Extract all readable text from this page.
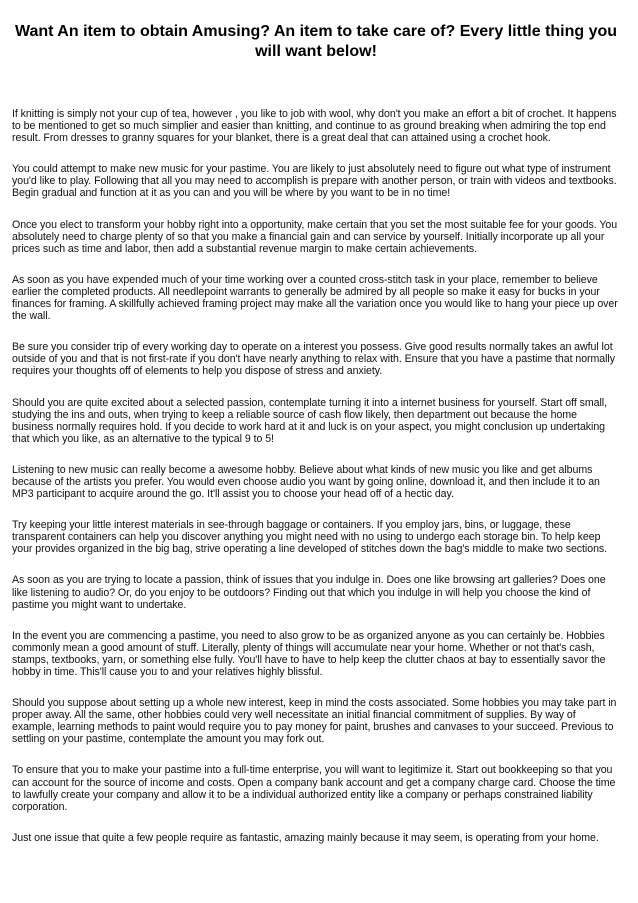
Want An item to obtain Amusing? An item to take care of? Every little thing you will want below!

If knitting is simply not your cup of tea, however , you like to job with wool, why don't you make an effort a bit of crochet. It happens to be mentioned to get so much simplier and easier than knitting, and continue to as ground breaking when admiring the top end result. From dresses to granny squares for your blanket, there is a great deal that can attained using a crochet hook.

You could attempt to make new music for your pastime. You are likely to just absolutely need to figure out what type of instrument you'd like to play. Following that all you may need to accomplish is prepare with another person, or train with videos and textbooks. Begin gradual and function at it as you can and you will be where by you want to be in no time!

Once you elect to transform your hobby right into a opportunity, make certain that you set the most suitable fee for your goods. You absolutely need to charge plenty of so that you make a financial gain and can service by yourself. Initially incorporate up all your prices such as time and labor, then add a substantial revenue margin to make certain achievements.

As soon as you have expended much of your time working over a counted cross-stitch task in your place, remember to believe earlier the completed products. All needlepoint warrants to generally be admired by all people so make it easy for bucks in your finances for framing. A skillfully achieved framing project may make all the variation once you would like to hang your piece up over the wall.

Be sure you consider trip of every working day to operate on a interest you possess. Give good results normally takes an awful lot outside of you and that is not first-rate if you don't have nearly anything to relax with. Ensure that you have a pastime that normally requires your thoughts off of elements to help you dispose of stress and anxiety.

Should you are quite excited about a selected passion, contemplate turning it into a internet business for yourself. Start off small, studying the ins and outs, when trying to keep a reliable source of cash flow likely, then department out because the home business normally requires hold. If you decide to work hard at it and luck is on your aspect, you might conclusion up undertaking that which you like, as an alternative to the typical 9 to 5!

Listening to new music can really become a awesome hobby. Believe about what kinds of new music you like and get albums because of the artists you prefer. You would even choose audio you want by going online, download it, and then include it to an MP3 participant to acquire around the go. It'll assist you to choose your head off of a hectic day.

Try keeping your little interest materials in see-through baggage or containers. If you employ jars, bins, or luggage, these transparent containers can help you discover anything you might need with no using to undergo each storage bin. To help keep your provides organized in the big bag, strive operating a line developed of stitches down the bag's middle to make two sections.

As soon as you are trying to locate a passion, think of issues that you indulge in. Does one like browsing art galleries? Does one like listening to audio? Or, do you enjoy to be outdoors? Finding out that which you indulge in will help you choose the kind of pastime you might want to undertake.

In the event you are commencing a pastime, you need to also grow to be as organized anyone as you can certainly be. Hobbies commonly mean a good amount of stuff. Literally, plenty of things will accumulate near your home. Whether or not that's cash, stamps, textbooks, yarn, or something else fully. You'll have to have to help keep the clutter chaos at bay to essentially savor the hobby in time. This'll cause you to and your relatives highly blissful.

Should you suppose about setting up a whole new interest, keep in mind the costs associated. Some hobbies you may take part in proper away. All the same, other hobbies could very well necessitate an initial financial commitment of supplies. By way of example, learning methods to paint would require you to pay money for paint, brushes and canvases to your succeed. Previous to settling on your pastime, contemplate the amount you may fork out.

To ensure that you to make your pastime into a full-time enterprise, you will want to legitimize it. Start out bookkeeping so that you can account for the source of income and costs. Open a company bank account and get a company charge card. Choose the time to lawfully create your company and allow it to be a individual authorized entity like a company or perhaps constrained liability corporation.

Just one issue that quite a few people require as fantastic, amazing mainly because it may seem, is operating from your home.
